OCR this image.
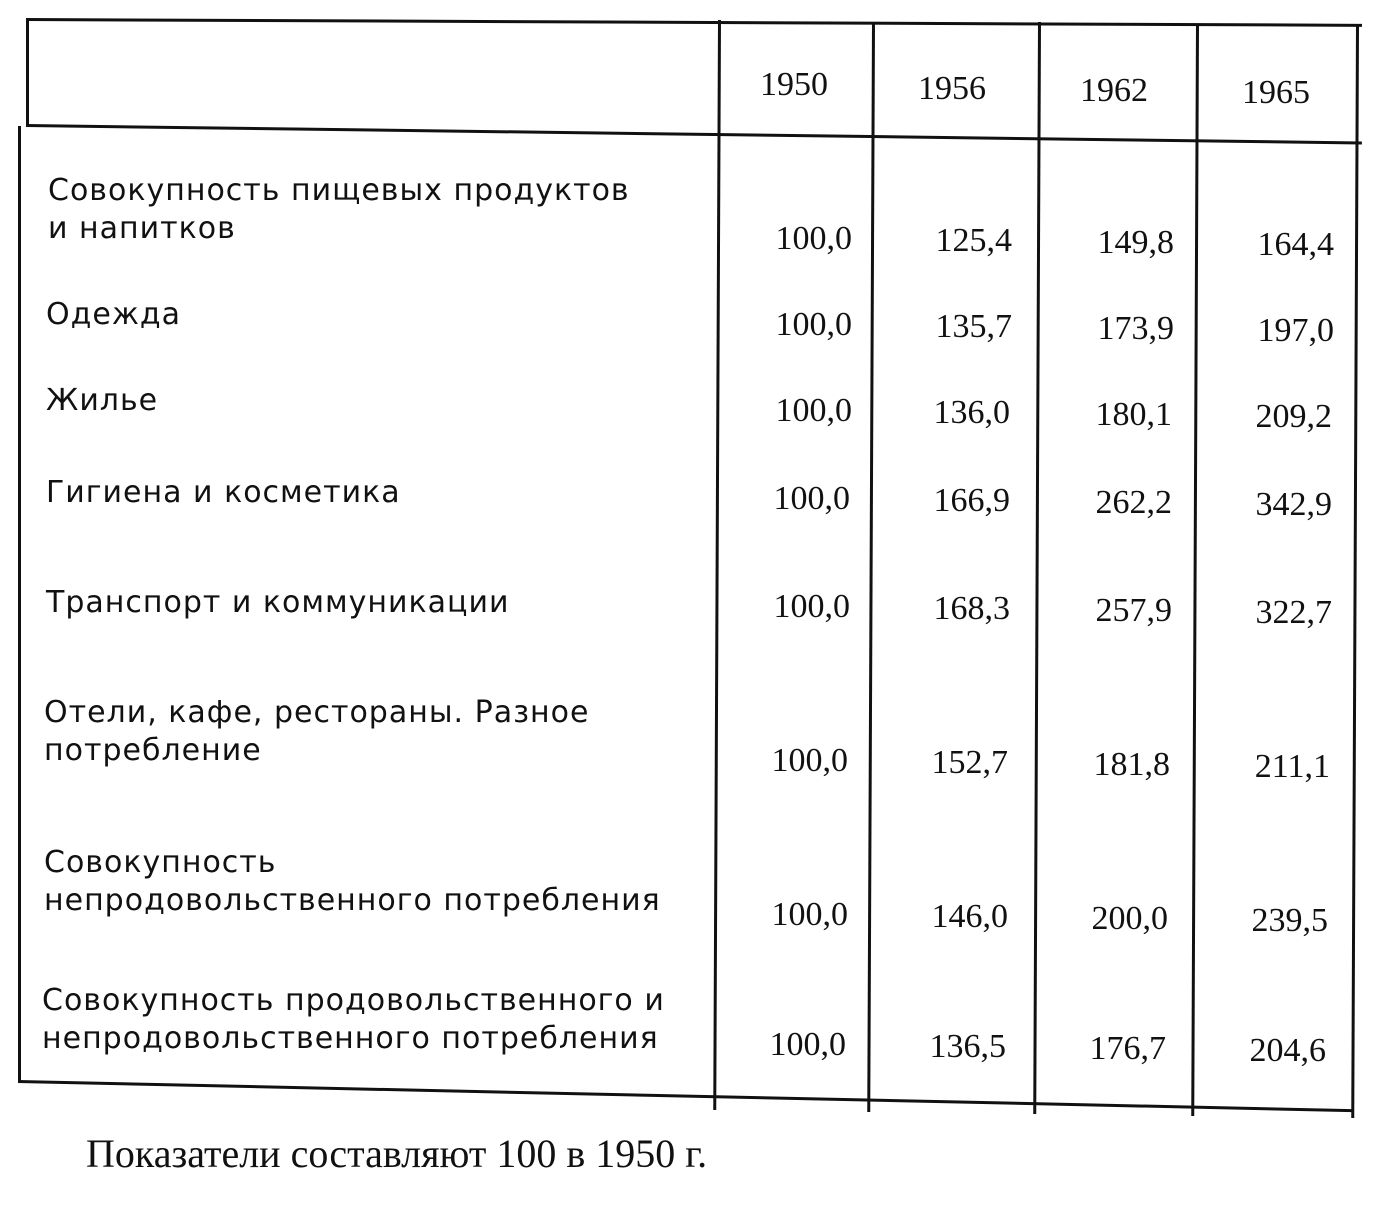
1950	1956	1962	1965
Совокупность пищевых продуктов
и напитков	100,0	125,4	149,8	164,4
Одежда	100,0	135,7	173,9	197,0
Жилье	100,0	136,0	180,1	209,2
Гигиена и косметика	100,0	166,9	262,2	342,9
Транспорт и коммуникации	100,0	168,3	257,9	322,7
Отели, кафе, рестораны. Разное
потребление	100,0	152,7	181,8	211,1
Совокупность
непродовольственного потребления	100,0	146,0	200,0	239,5
Совокупность продовольственного и
непродовольственного потребления	100,0	136,5	176,7	204,6
Показатели составляют 100 в 1950 г.
